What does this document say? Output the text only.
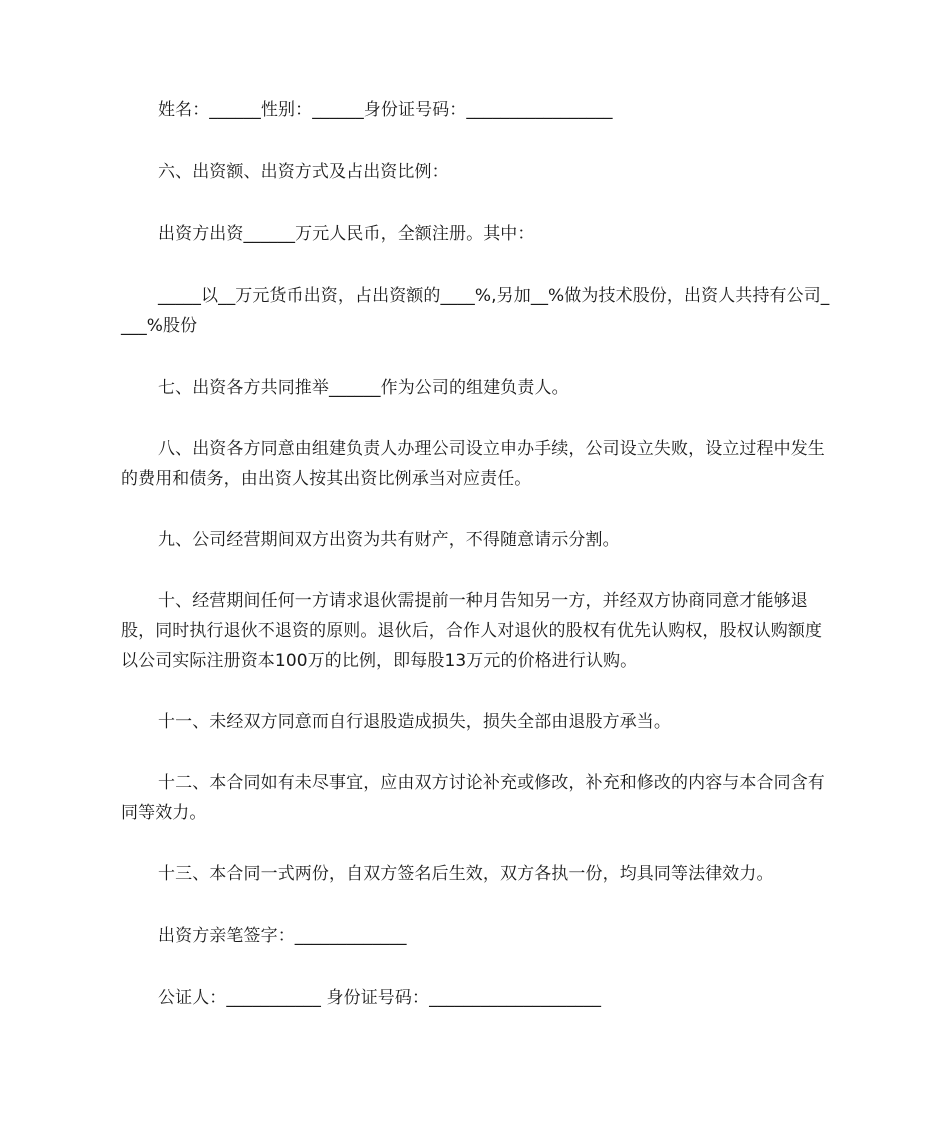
姓名：______性别：______身份证号码：_________________

六、出资额、出资方式及占出资比例：

出资方出资______万元人民币，全额注册。其中：

_____以__万元货币出资，占出资额的____%,另加__%做为技术股份，出资人共持有公司____%股份

七、出资各方共同推举______作为公司的组建负责人。

八、出资各方同意由组建负责人办理公司设立申办手续，公司设立失败，设立过程中发生的费用和债务，由出资人按其出资比例承当对应责任。

九、公司经营期间双方出资为共有财产，不得随意请示分割。

十、经营期间任何一方请求退伙需提前一种月告知另一方，并经双方协商同意才能够退股，同时执行退伙不退资的原则。退伙后，合作人对退伙的股权有优先认购权，股权认购额度以公司实际注册资本100万的比例，即每股13万元的价格进行认购。

十一、未经双方同意而自行退股造成损失，损失全部由退股方承当。

十二、本合同如有未尽事宜，应由双方讨论补充或修改，补充和修改的内容与本合同含有同等效力。

十三、本合同一式两份，自双方签名后生效，双方各执一份，均具同等法律效力。

出资方亲笔签字：_____________

公证人：___________ 身份证号码：____________________
